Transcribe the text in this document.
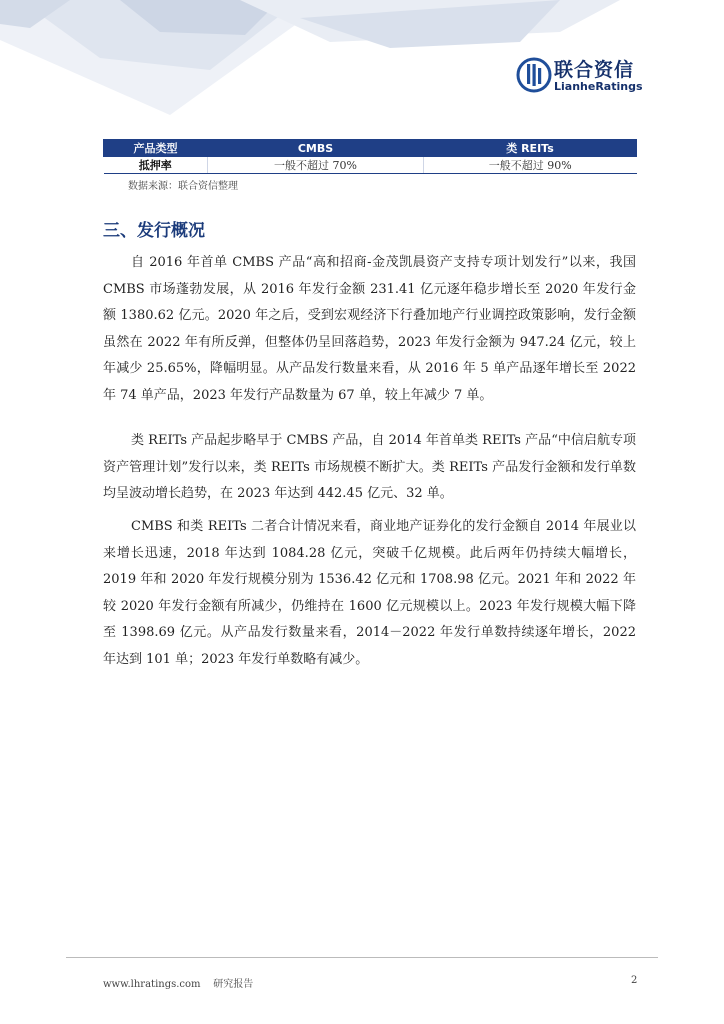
联合资信
LianheRatings
产品类型	CMBS	类 REITs
抵押率	一般不超过 70%	一般不超过 90%
数据来源：联合资信整理
三、发行概况

自 2016 年首单 CMBS 产品“高和招商-金茂凯晨资产支持专项计划发行”以来，我国 CMBS 市场蓬勃发展，从 2016 年发行金额 231.41 亿元逐年稳步增长至 2020 年发行金额 1380.62 亿元。2020 年之后，受到宏观经济下行叠加地产行业调控政策影响，发行金额虽然在 2022 年有所反弹，但整体仍呈回落趋势，2023 年发行金额为 947.24 亿元，较上年减少 25.65%，降幅明显。从产品发行数量来看，从 2016 年 5 单产品逐年增长至 2022 年 74 单产品，2023 年发行产品数量为 67 单，较上年减少 7 单。

类 REITs 产品起步略早于 CMBS 产品，自 2014 年首单类 REITs 产品“中信启航专项资产管理计划”发行以来，类 REITs 市场规模不断扩大。类 REITs 产品发行金额和发行单数均呈波动增长趋势，在 2023 年达到 442.45 亿元、32 单。

CMBS 和类 REITs 二者合计情况来看，商业地产证券化的发行金额自 2014 年展业以来增长迅速，2018 年达到 1084.28 亿元，突破千亿规模。此后两年仍持续大幅增长，2019 年和 2020 年发行规模分别为 1536.42 亿元和 1708.98 亿元。2021 年和 2022 年较 2020 年发行金额有所减少，仍维持在 1600 亿元规模以上。2023 年发行规模大幅下降至 1398.69 亿元。从产品发行数量来看，2014－2022 年发行单数持续逐年增长，2022 年达到 101 单；2023 年发行单数略有减少。

www.lhratings.com    研究报告	2
